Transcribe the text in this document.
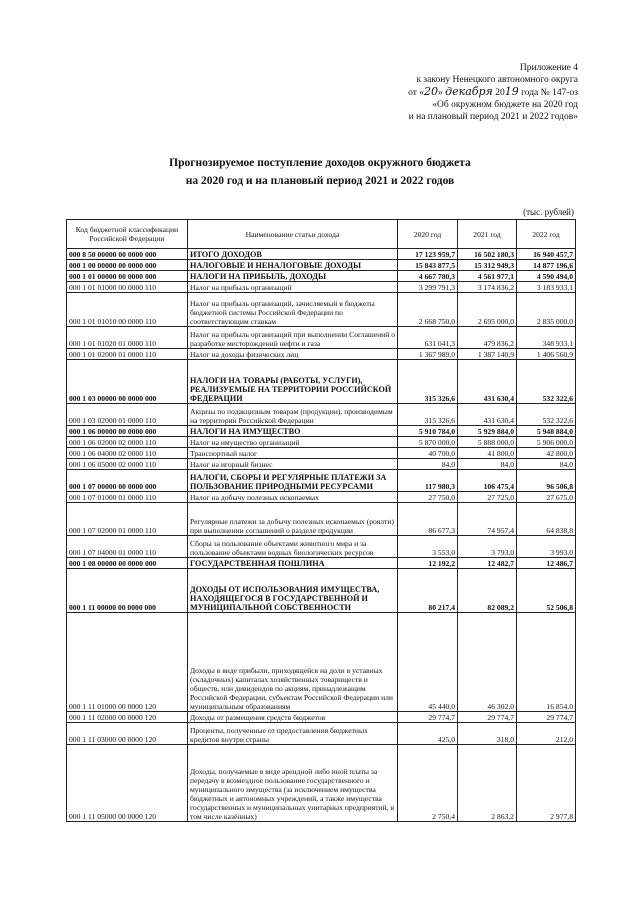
Приложение 4
к закону Ненецкого автономного округа
от «20» декабря 2019 года № 147-оз
«Об окружном бюджете на 2020 год
и на плановый период 2021 и 2022 годов»
Прогнозируемое поступление доходов окружного бюджета
на 2020 год и на плановый период 2021 и 2022 годов
(тыс. рублей)
Код бюджетной классификации Российской Федерации	Наименование статьи дохода	2020 год	2021 год	2022 год
000 8 50 00000 00 0000 000	ИТОГО ДОХОДОВ	17 123 959,7	16 502 180,3	16 940 457,7
000 1 00 00000 00 0000 000	НАЛОГОВЫЕ И НЕНАЛОГОВЫЕ ДОХОДЫ	15 843 877,5	15 312 949,3	14 877 196,6
000 1 01 00000 00 0000 000	НАЛОГИ НА ПРИБЫЛЬ, ДОХОДЫ	4 667 780,3	4 561 977,1	4 590 494,0
000 1 01 01000 00 0000 110	Налог на прибыль организаций	3 299 791,3	3 174 836,2	3 183 933,1
000 1 01 01010 00 0000 110	Налог на прибыль организаций, зачисляемый в бюджеты бюджетной системы Российской Федерации по соответствующим ставкам	2 668 750,0	2 695 000,0	2 835 000,0
000 1 01 01020 01 0000 110	Налог на прибыль организаций при выполнении Соглашений о разработке месторождений нефти и газа	631 041,3	479 836,2	348 933,1
000 1 01 02000 01 0000 110	Налог на доходы физических лиц	1 367 989,0	1 387 140,9	1 406 560,9
000 1 03 00000 00 0000 000	НАЛОГИ НА ТОВАРЫ (РАБОТЫ, УСЛУГИ), РЕАЛИЗУЕМЫЕ НА ТЕРРИТОРИИ РОССИЙСКОЙ ФЕДЕРАЦИИ	315 326,6	431 630,4	532 322,6
000 1 03 02000 01 0000 110	Акцизы по подакцизным товарам (продукции), производимым на территории Российской Федерации	315 326,6	431 630,4	532 322,6
000 1 06 00000 00 0000 000	НАЛОГИ НА ИМУЩЕСТВО	5 910 784,0	5 929 884,0	5 948 884,0
000 1 06 02000 02 0000 110	Налог на имущество организаций	5 870 000,0	5 888 000,0	5 906 000,0
000 1 06 04000 02 0000 110	Транспортный налог	40 700,0	41 800,0	42 800,0
000 1 06 05000 02 0000 110	Налог на игорный бизнес	84,0	84,0	84,0
000 1 07 00000 00 0000 000	НАЛОГИ, СБОРЫ И РЕГУЛЯРНЫЕ ПЛАТЕЖИ ЗА ПОЛЬЗОВАНИЕ ПРИРОДНЫМИ РЕСУРСАМИ	117 980,3	106 475,4	96 506,8
000 1 07 01000 01 0000 110	Налог на добычу полезных ископаемых	27 750,0	27 725,0	27 675,0
000 1 07 02000 01 0000 110	Регулярные платежи за добычу полезных ископаемых (роялти) при выполнении соглашений о разделе продукции	86 677,3	74 957,4	64 838,8
000 1 07 04000 01 0000 110	Сборы за пользование объектами животного мира и за пользование объектами водных биологических ресурсов	3 553,0	3 793,0	3 993,0
000 1 08 00000 00 0000 000	ГОСУДАРСТВЕННАЯ ПОШЛИНА	12 192,2	12 482,7	12 486,7
000 1 11 00000 00 0000 000	ДОХОДЫ ОТ ИСПОЛЬЗОВАНИЯ ИМУЩЕСТВА, НАХОДЯЩЕГОСЯ В ГОСУДАРСТВЕННОЙ И МУНИЦИПАЛЬНОЙ СОБСТВЕННОСТИ	80 217,4	82 089,2	52 506,8
000 1 11 01000 00 0000 120	Доходы в виде прибыли, приходящейся на доли в уставных (складочных) капиталах хозяйственных товариществ и обществ, или дивидендов по акциям, принадлежащим Российской Федерации, субъектам Российской Федерации или муниципальным образованиям	45 440,0	46 302,0	16 854,0
000 1 11 02000 00 0000 120	Доходы от размещения средств бюджетов	29 774,7	29 774,7	29 774,7
000 1 11 03000 00 0000 120	Проценты, полученные от предоставления бюджетных кредитов внутри страны	425,0	318,0	212,0
000 1 11 05000 00 0000 120	Доходы, получаемые в виде арендной либо иной платы за передачу в возмездное пользование государственного и муниципального имущества (за исключением имущества бюджетных и автономных учреждений, а также имущества государственных и муниципальных унитарных предприятий, в том числе казённых)	2 750,4	2 863,2	2 977,8
